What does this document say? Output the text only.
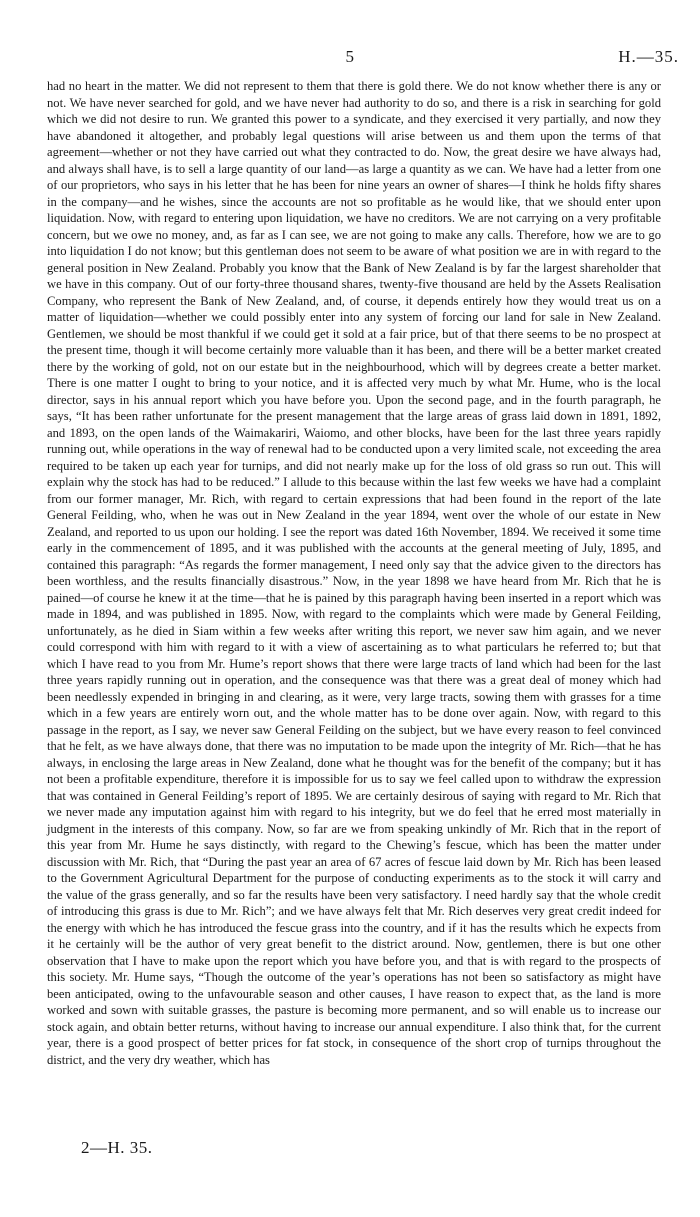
5	H.—35.

had no heart in the matter. We did not represent to them that there is gold there. We do not know whether there is any or not. We have never searched for gold, and we have never had authority to do so, and there is a risk in searching for gold which we did not desire to run. We granted this power to a syndicate, and they exercised it very partially, and now they have abandoned it altogether, and probably legal questions will arise between us and them upon the terms of that agreement—whether or not they have carried out what they contracted to do. Now, the great desire we have always had, and always shall have, is to sell a large quantity of our land—as large a quantity as we can. We have had a letter from one of our proprietors, who says in his letter that he has been for nine years an owner of shares—I think he holds fifty shares in the company—and he wishes, since the accounts are not so profitable as he would like, that we should enter upon liquidation. Now, with regard to entering upon liquidation, we have no creditors. We are not carrying on a very profitable concern, but we owe no money, and, as far as I can see, we are not going to make any calls. Therefore, how we are to go into liquidation I do not know; but this gentleman does not seem to be aware of what position we are in with regard to the general position in New Zealand. Probably you know that the Bank of New Zealand is by far the largest shareholder that we have in this company. Out of our forty-three thousand shares, twenty-five thousand are held by the Assets Realisation Company, who represent the Bank of New Zealand, and, of course, it depends entirely how they would treat us on a matter of liquidation—whether we could possibly enter into any system of forcing our land for sale in New Zealand. Gentlemen, we should be most thankful if we could get it sold at a fair price, but of that there seems to be no prospect at the present time, though it will become certainly more valuable than it has been, and there will be a better market created there by the working of gold, not on our estate but in the neighbourhood, which will by degrees create a better market. There is one matter I ought to bring to your notice, and it is affected very much by what Mr. Hume, who is the local director, says in his annual report which you have before you. Upon the second page, and in the fourth paragraph, he says, “It has been rather unfortunate for the present management that the large areas of grass laid down in 1891, 1892, and 1893, on the open lands of the Waimakariri, Waiomo, and other blocks, have been for the last three years rapidly running out, while operations in the way of renewal had to be conducted upon a very limited scale, not exceeding the area required to be taken up each year for turnips, and did not nearly make up for the loss of old grass so run out. This will explain why the stock has had to be reduced.” I allude to this because within the last few weeks we have had a complaint from our former manager, Mr. Rich, with regard to certain expressions that had been found in the report of the late General Feilding, who, when he was out in New Zealand in the year 1894, went over the whole of our estate in New Zealand, and reported to us upon our holding. I see the report was dated 16th November, 1894. We received it some time early in the commencement of 1895, and it was published with the accounts at the general meeting of July, 1895, and contained this paragraph: “As regards the former management, I need only say that the advice given to the directors has been worthless, and the results financially disastrous.” Now, in the year 1898 we have heard from Mr. Rich that he is pained—of course he knew it at the time—that he is pained by this paragraph having been inserted in a report which was made in 1894, and was published in 1895. Now, with regard to the complaints which were made by General Feilding, unfortunately, as he died in Siam within a few weeks after writing this report, we never saw him again, and we never could correspond with him with regard to it with a view of ascertaining as to what particulars he referred to; but that which I have read to you from Mr. Hume’s report shows that there were large tracts of land which had been for the last three years rapidly running out in operation, and the consequence was that there was a great deal of money which had been needlessly expended in bringing in and clearing, as it were, very large tracts, sowing them with grasses for a time which in a few years are entirely worn out, and the whole matter has to be done over again. Now, with regard to this passage in the report, as I say, we never saw General Feilding on the subject, but we have every reason to feel convinced that he felt, as we have always done, that there was no imputation to be made upon the integrity of Mr. Rich—that he has always, in enclosing the large areas in New Zealand, done what he thought was for the benefit of the company; but it has not been a profitable expenditure, therefore it is impossible for us to say we feel called upon to withdraw the expression that was contained in General Feilding’s report of 1895. We are certainly desirous of saying with regard to Mr. Rich that we never made any imputation against him with regard to his integrity, but we do feel that he erred most materially in judgment in the interests of this company. Now, so far are we from speaking unkindly of Mr. Rich that in the report of this year from Mr. Hume he says distinctly, with regard to the Chewing’s fescue, which has been the matter under discussion with Mr. Rich, that “During the past year an area of 67 acres of fescue laid down by Mr. Rich has been leased to the Government Agricultural Department for the purpose of conducting experiments as to the stock it will carry and the value of the grass generally, and so far the results have been very satisfactory. I need hardly say that the whole credit of introducing this grass is due to Mr. Rich”; and we have always felt that Mr. Rich deserves very great credit indeed for the energy with which he has introduced the fescue grass into the country, and if it has the results which he expects from it he certainly will be the author of very great benefit to the district around. Now, gentlemen, there is but one other observation that I have to make upon the report which you have before you, and that is with regard to the prospects of this society. Mr. Hume says, “Though the outcome of the year’s operations has not been so satisfactory as might have been anticipated, owing to the unfavourable season and other causes, I have reason to expect that, as the land is more worked and sown with suitable grasses, the pasture is becoming more permanent, and so will enable us to increase our stock again, and obtain better returns, without having to increase our annual expenditure. I also think that, for the current year, there is a good prospect of better prices for fat stock, in consequence of the short crop of turnips throughout the district, and the very dry weather, which has

2—H. 35.
